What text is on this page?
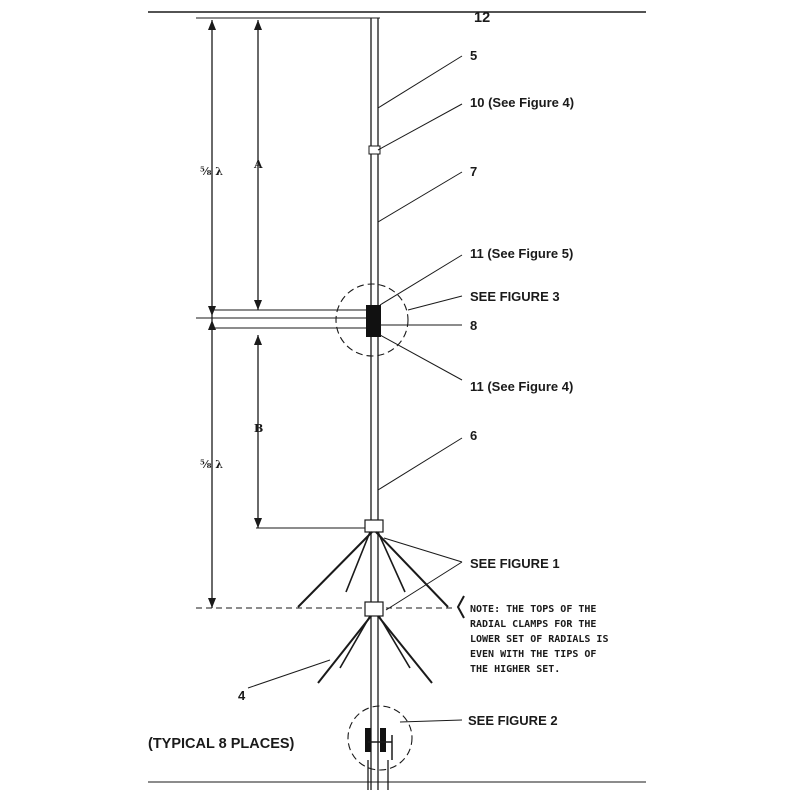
⁵⁄₈ λ
⁵⁄₈ λ
A
B
12
5
10 (See Figure 4)
7
11 (See Figure 5)
SEE FIGURE 3
8
11 (See Figure 4)
6
SEE FIGURE 1
SEE FIGURE 2
4
(TYPICAL 8 PLACES)
NOTE: THE TOPS OF THE
RADIAL CLAMPS FOR THE
LOWER SET OF RADIALS IS
EVEN WITH THE TIPS OF
THE HIGHER SET.
